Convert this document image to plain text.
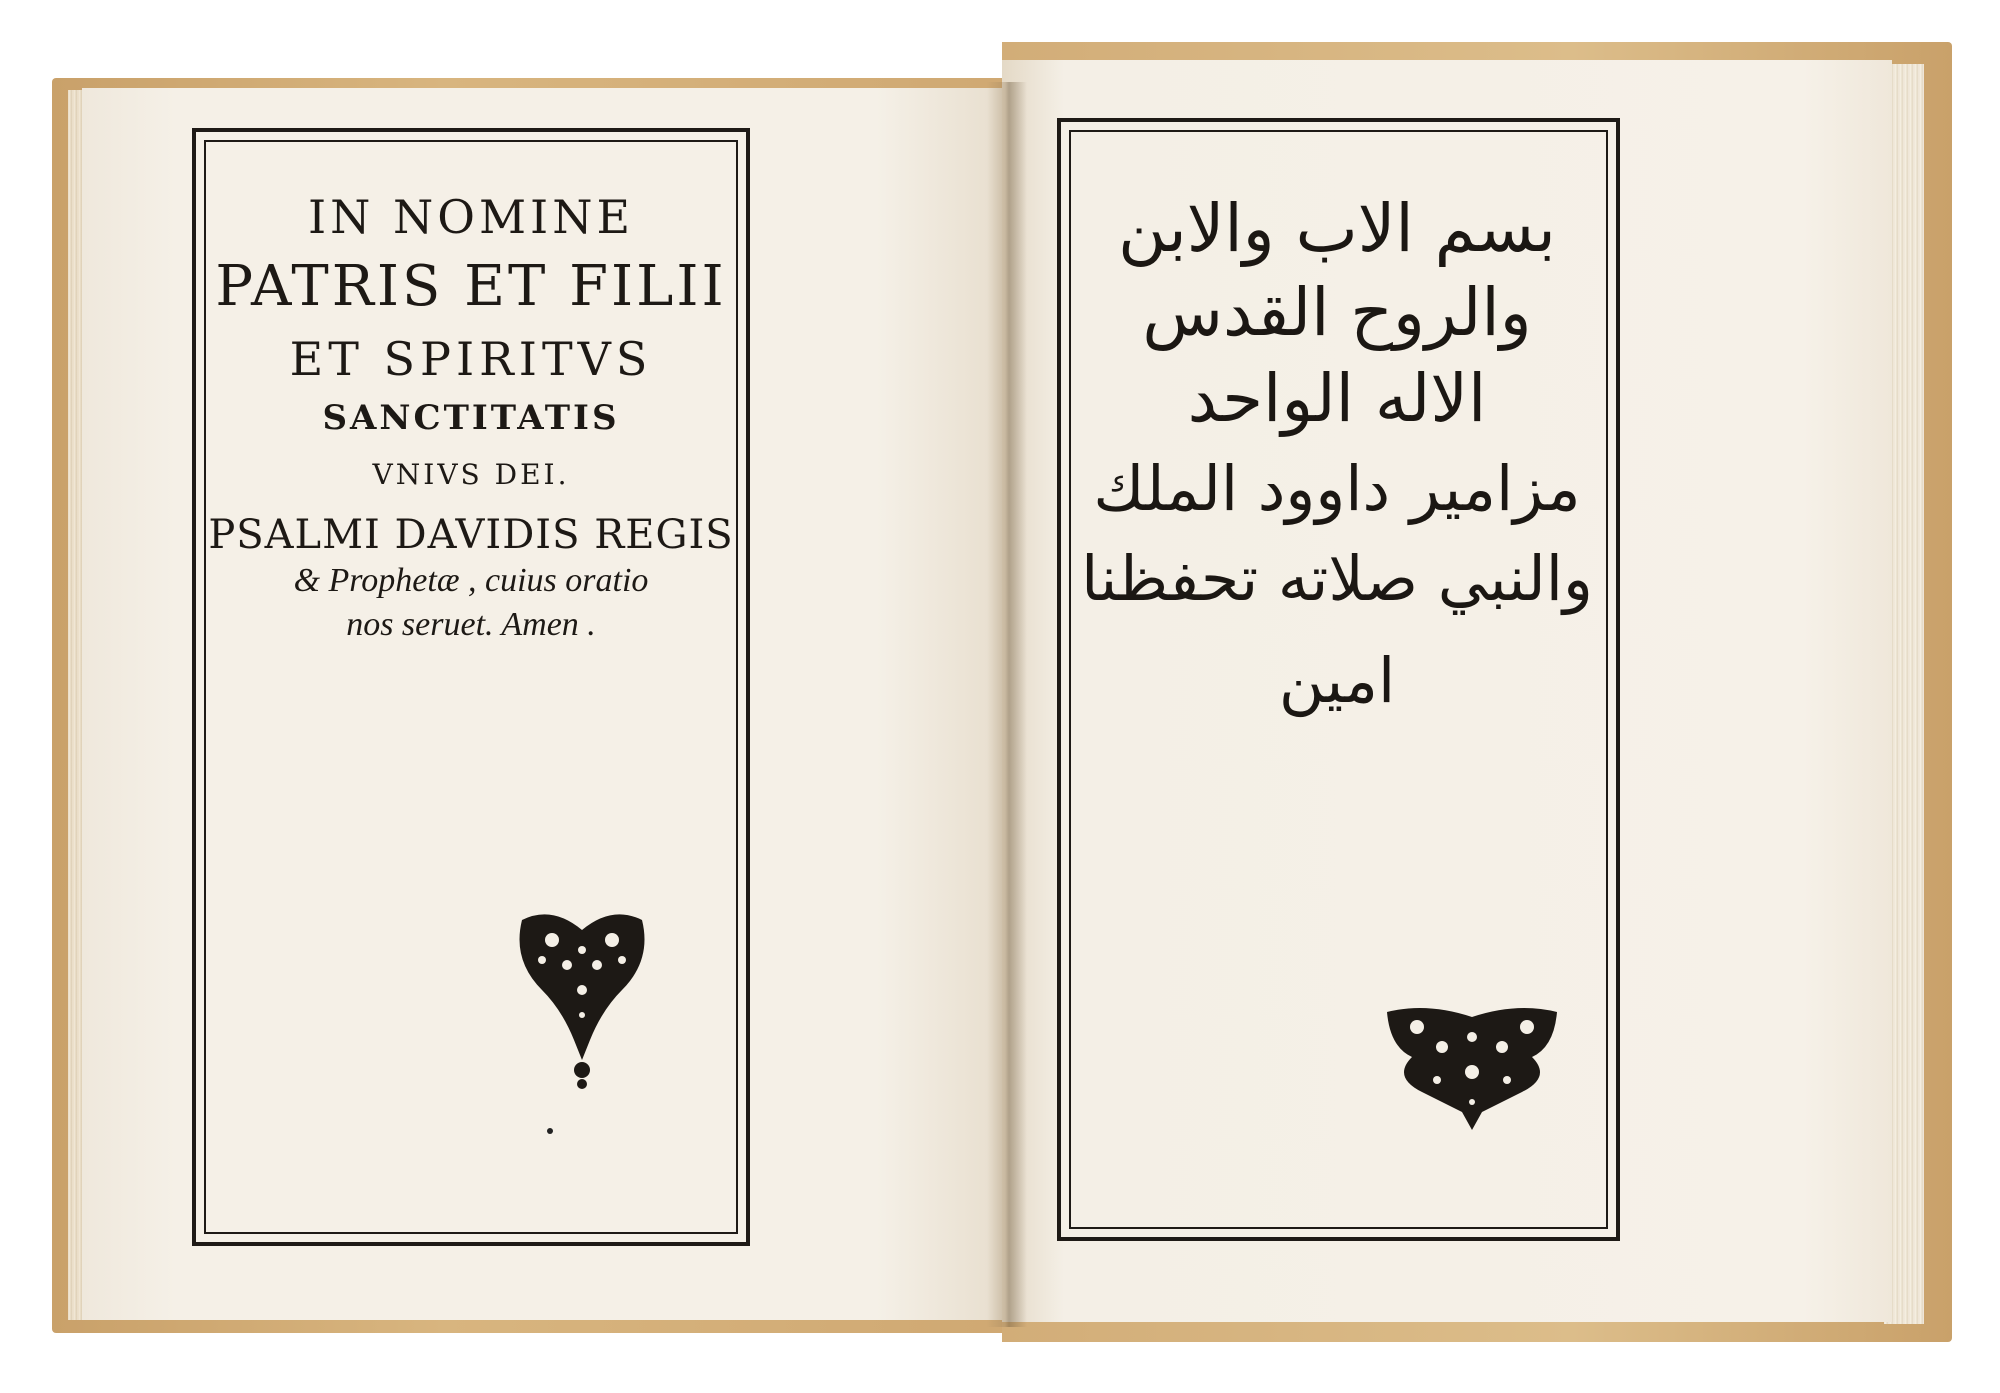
IN NOMINE
PATRIS ET FILII
ET SPIRITVS
SANCTITATIS
VNIVS DEI.
PSALMI DAVIDIS REGIS
& Prophetæ , cuius oratio
nos seruet. Amen .
بسم الاب والابن
والروح القدس
الاله الواحد
مزامير داوود الملك
والنبي صلاته تحفظنا
امين
